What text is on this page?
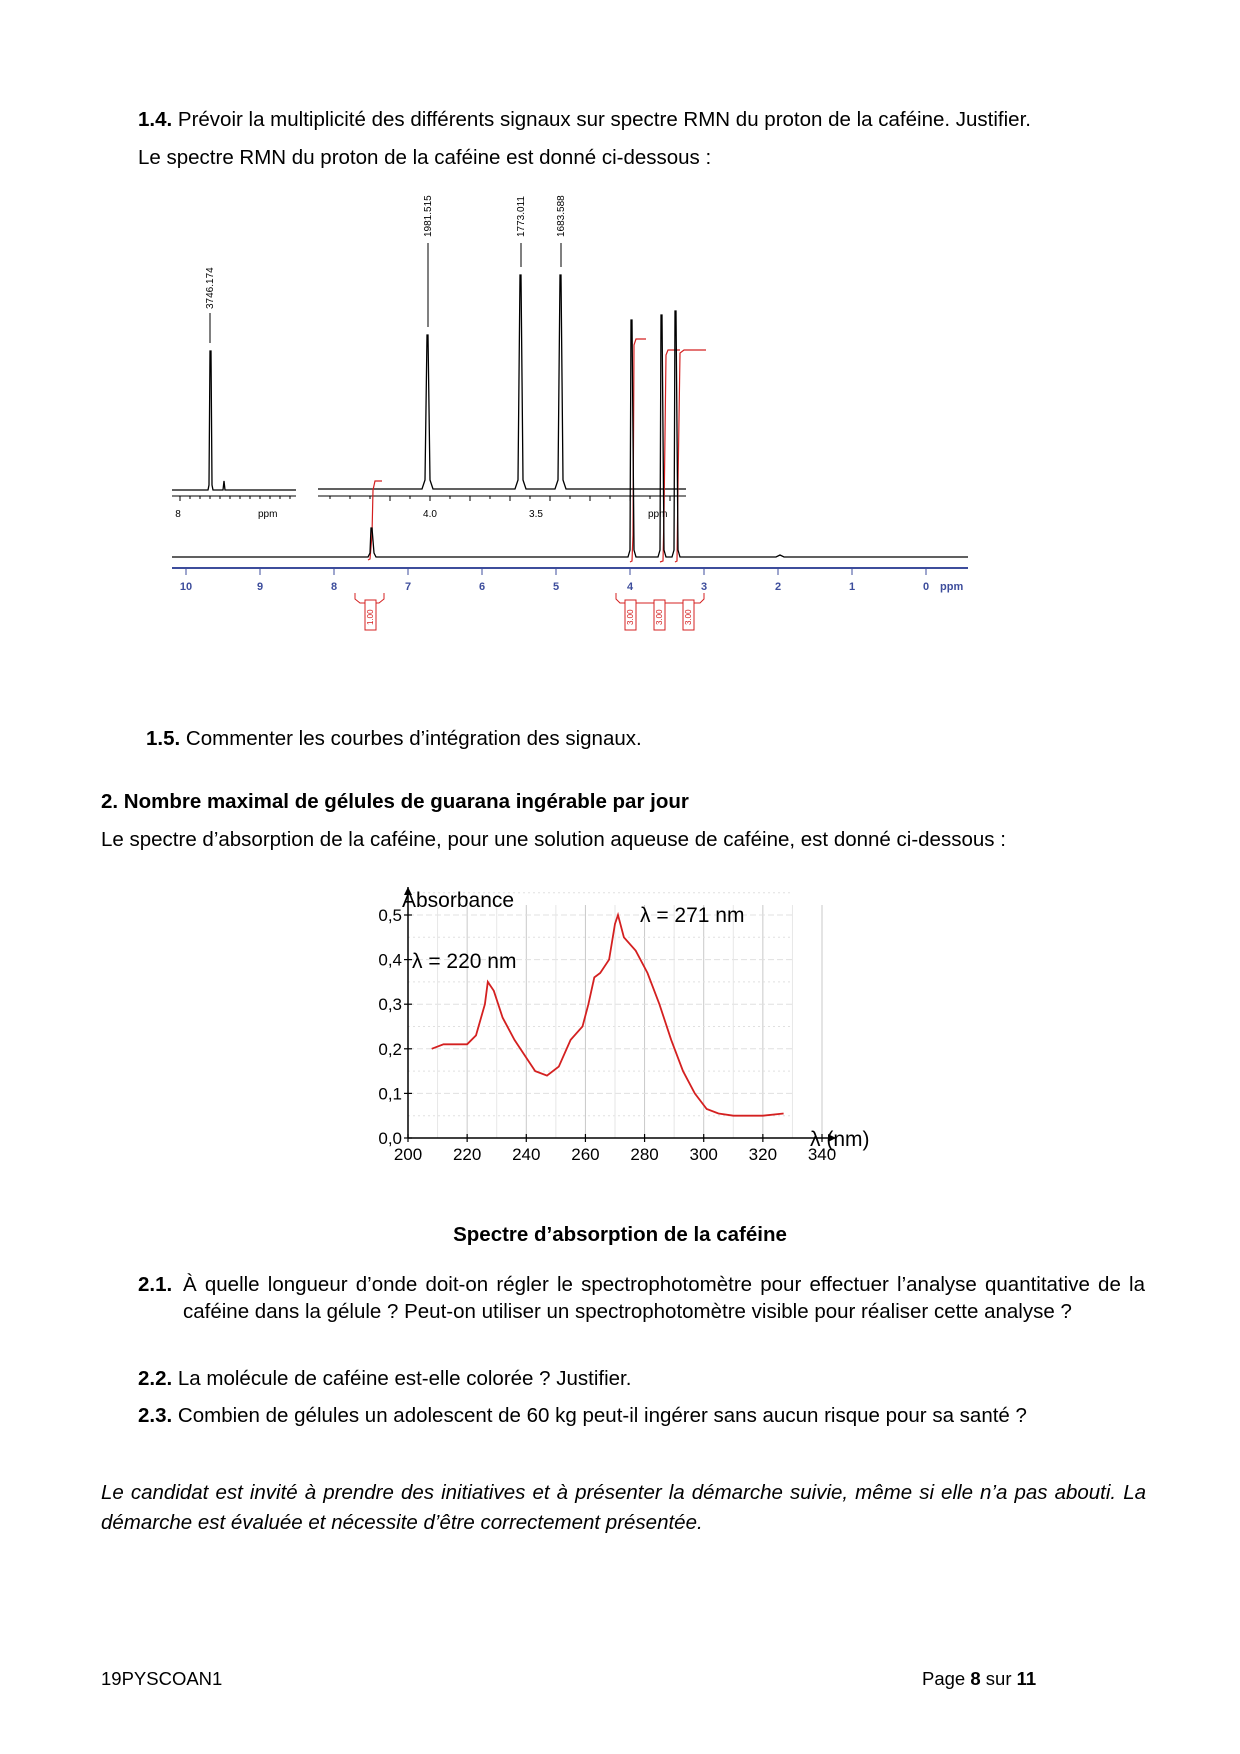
1.4. Prévoir la multiplicité des différents signaux sur spectre RMN du proton de la caféine. Justifier.
Le spectre RMN du proton de la caféine est donné ci-dessous :
3746.174
8	ppm
1981.515	1773.011	1683.588
4.0	3.5	ppm
10	9	8	7	6	5	4	3	2	1	0 ppm
1.00	3.00	3.00	3.00
1.5. Commenter les courbes d’intégration des signaux.
2. Nombre maximal de gélules de guarana ingérable par jour
Le spectre d’absorption de la caféine, pour une solution aqueuse de caféine, est donné ci-dessous :
200 220 240 260 280 300 320 340
0,0
0,1
0,2
0,3
0,4
0,5
Absorbance
λ (nm)
λ = 220 nm
λ = 271 nm
Spectre d’absorption de la caféine
2.1. À quelle longueur d’onde doit-on régler le spectrophotomètre pour effectuer l’analyse quantitative de la caféine dans la gélule ? Peut-on utiliser un spectrophotomètre visible pour réaliser cette analyse ?
2.2. La molécule de caféine est-elle colorée ? Justifier.
2.3. Combien de gélules un adolescent de 60 kg peut-il ingérer sans aucun risque pour sa santé ?
Le candidat est invité à prendre des initiatives et à présenter la démarche suivie, même si elle n’a pas abouti. La démarche est évaluée et nécessite d’être correctement présentée.
19PYSCOAN1	Page 8 sur 11
